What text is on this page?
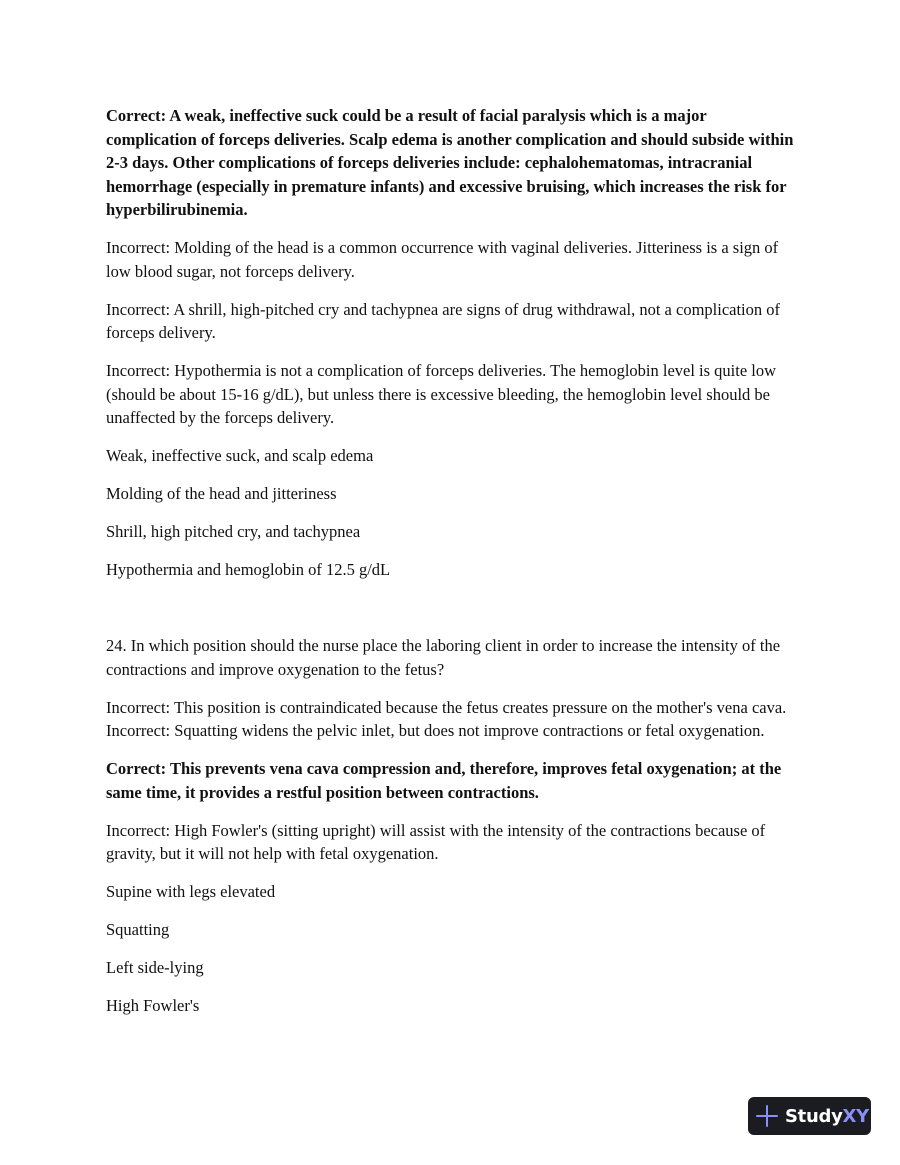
Correct: A weak, ineffective suck could be a result of facial paralysis which is a major complication of forceps deliveries. Scalp edema is another complication and should subside within 2-3 days. Other complications of forceps deliveries include: cephalohematomas, intracranial hemorrhage (especially in premature infants) and excessive bruising, which increases the risk for hyperbilirubinemia.

Incorrect: Molding of the head is a common occurrence with vaginal deliveries. Jitteriness is a sign of low blood sugar, not forceps delivery.

Incorrect: A shrill, high-pitched cry and tachypnea are signs of drug withdrawal, not a complication of forceps delivery.

Incorrect: Hypothermia is not a complication of forceps deliveries. The hemoglobin level is quite low (should be about 15-16 g/dL), but unless there is excessive bleeding, the hemoglobin level should be unaffected by the forceps delivery.

Weak, ineffective suck, and scalp edema

Molding of the head and jitteriness

Shrill, high pitched cry, and tachypnea

Hypothermia and hemoglobin of 12.5 g/dL

24. In which position should the nurse place the laboring client in order to increase the intensity of the contractions and improve oxygenation to the fetus?

Incorrect: This position is contraindicated because the fetus creates pressure on the mother's vena cava. Incorrect: Squatting widens the pelvic inlet, but does not improve contractions or fetal oxygenation.

Correct: This prevents vena cava compression and, therefore, improves fetal oxygenation; at the same time, it provides a restful position between contractions.

Incorrect: High Fowler's (sitting upright) will assist with the intensity of the contractions because of gravity, but it will not help with fetal oxygenation.

Supine with legs elevated

Squatting

Left side-lying

High Fowler's

StudyXY
